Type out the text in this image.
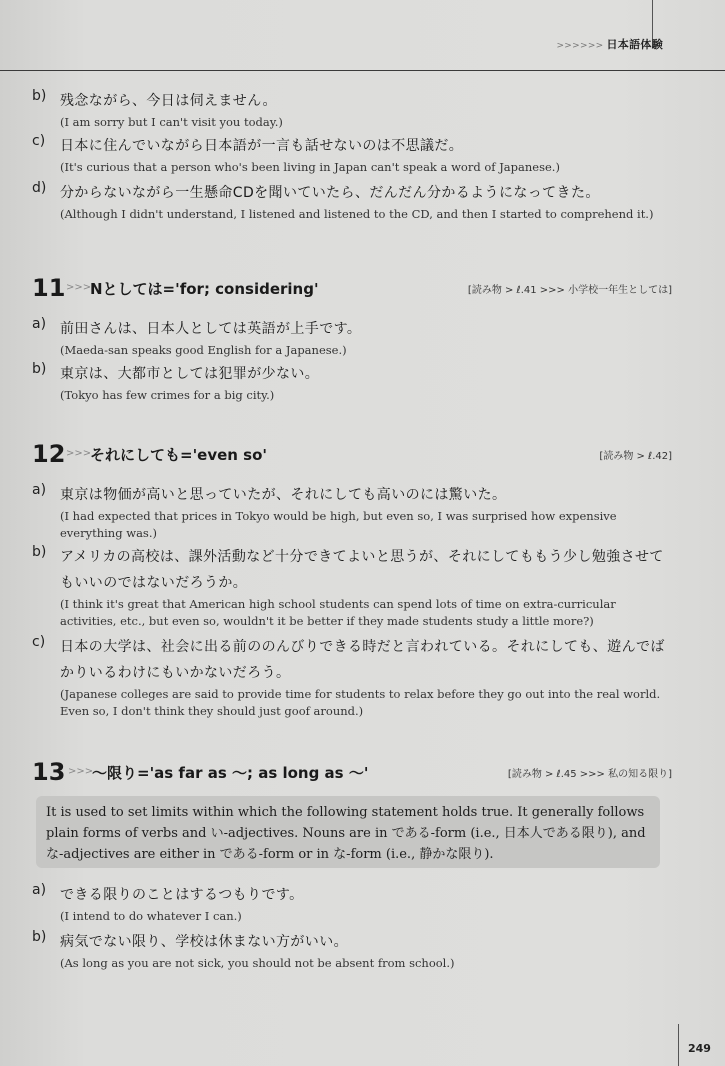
>>>>>> 日本語体験
b) 残念ながら、今日は伺えません。
(I am sorry but I can't visit you today.)
c) 日本に住んでいながら日本語が一言も話せないのは不思議だ。
(It's curious that a person who's been living in Japan can't speak a word of Japanese.)
d) 分からないながら一生懸命CDを聞いていたら、だんだん分かるようになってきた。
(Although I didn't understand, I listened and listened to the CD, and then I started to comprehend it.)
11 >>>
Nとしては='for; considering'	[読み物 > ℓ.41 >>> 小学校一年生としては]
a) 前田さんは、日本人としては英語が上手です。
(Maeda-san speaks good English for a Japanese.)
b) 東京は、大都市としては犯罪が少ない。
(Tokyo has few crimes for a big city.)
12 >>>
それにしても='even so'	[読み物 > ℓ.42]
a) 東京は物価が高いと思っていたが、それにしても高いのには驚いた。
(I had expected that prices in Tokyo would be high, but even so, I was surprised how expensive everything was.)
b) アメリカの高校は、課外活動など十分できてよいと思うが、それにしてももう少し勉強させてもいいのではないだろうか。
(I think it's great that American high school students can spend lots of time on extra-curricular activities, etc., but even so, wouldn't it be better if they made students study a little more?)
c) 日本の大学は、社会に出る前ののんびりできる時だと言われている。それにしても、遊んでばかりいるわけにもいかないだろう。
(Japanese colleges are said to provide time for students to relax before they go out into the real world. Even so, I don't think they should just goof around.)
13 >>>
～限り='as far as ～; as long as ～'	[読み物 > ℓ.45 >>> 私の知る限り]
It is used to set limits within which the following statement holds true. It generally follows plain forms of verbs and い-adjectives. Nouns are in である-form (i.e., 日本人である限り), and な-adjectives are either in である-form or in な-form (i.e., 静かな限り).
a) できる限りのことはするつもりです。
(I intend to do whatever I can.)
b) 病気でない限り、学校は休まない方がいい。
(As long as you are not sick, you should not be absent from school.)
249
